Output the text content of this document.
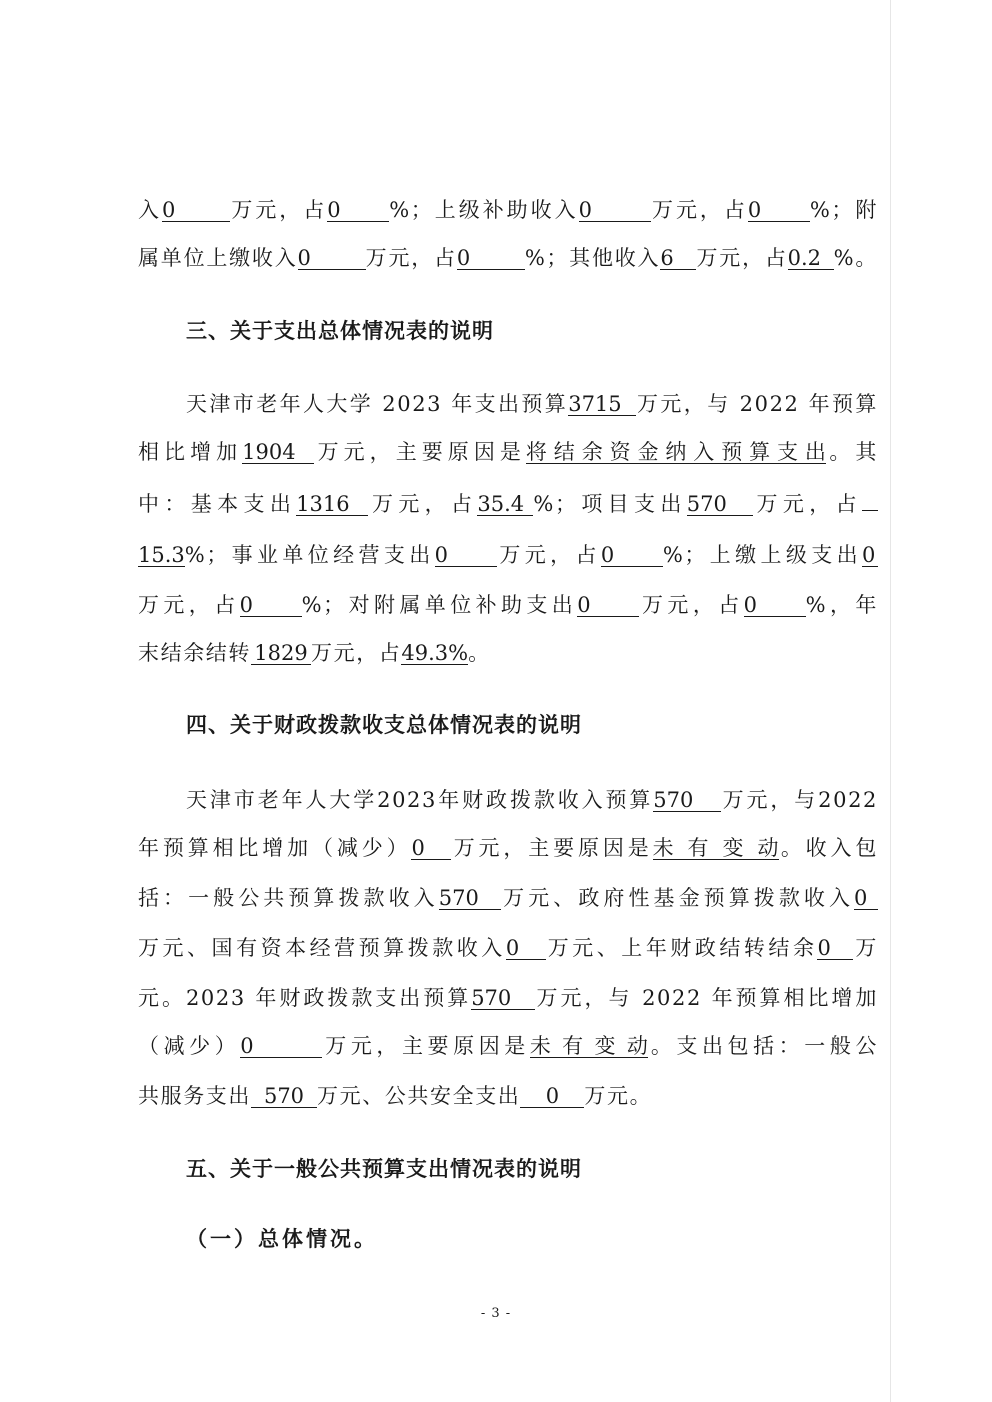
入0	万元，占0 %；上级补助收入0	万元，占0 %；附
属单位上缴收入0	万元，占0	%；其他收入6 万元，占0.2 %。
三、关于支出总体情况表的说明
天津市老年人大学 2023 年支出预算3715 万元，与 2022 年预算
相比增加1904 万元，主要原因是将结余资金纳入预算支出。其
中：基本支出1316 万元，占35.4 %；项目支出570 万元，占
15.3%；事业单位经营支出0 万元，占0 %；上缴上级支出0
万元，占0 %；对附属单位补助支出0 万元，占0 %，年
末结余结转 1829 万元，占49.3%。
四、关于财政拨款收支总体情况表的说明
天津市老年人大学2023年财政拨款收入预算570 万元，与2022
年预算相比增加（减少）0 万元，主要原因是未有变动。收入包
括：一般公共预算拨款收入570 万元、政府性基金预算拨款收入0
万元、国有资本经营预算拨款收入0 万元、上年财政结转结余0 万
元。2023 年财政拨款支出预算570 万元，与 2022 年预算相比增加
（减少）0	万元，主要原因是未有变动。支出包括：一般公
共服务支出 570 万元、公共安全支出 0 万元。
五、关于一般公共预算支出情况表的说明
（一）总体情况。
- 3 -
